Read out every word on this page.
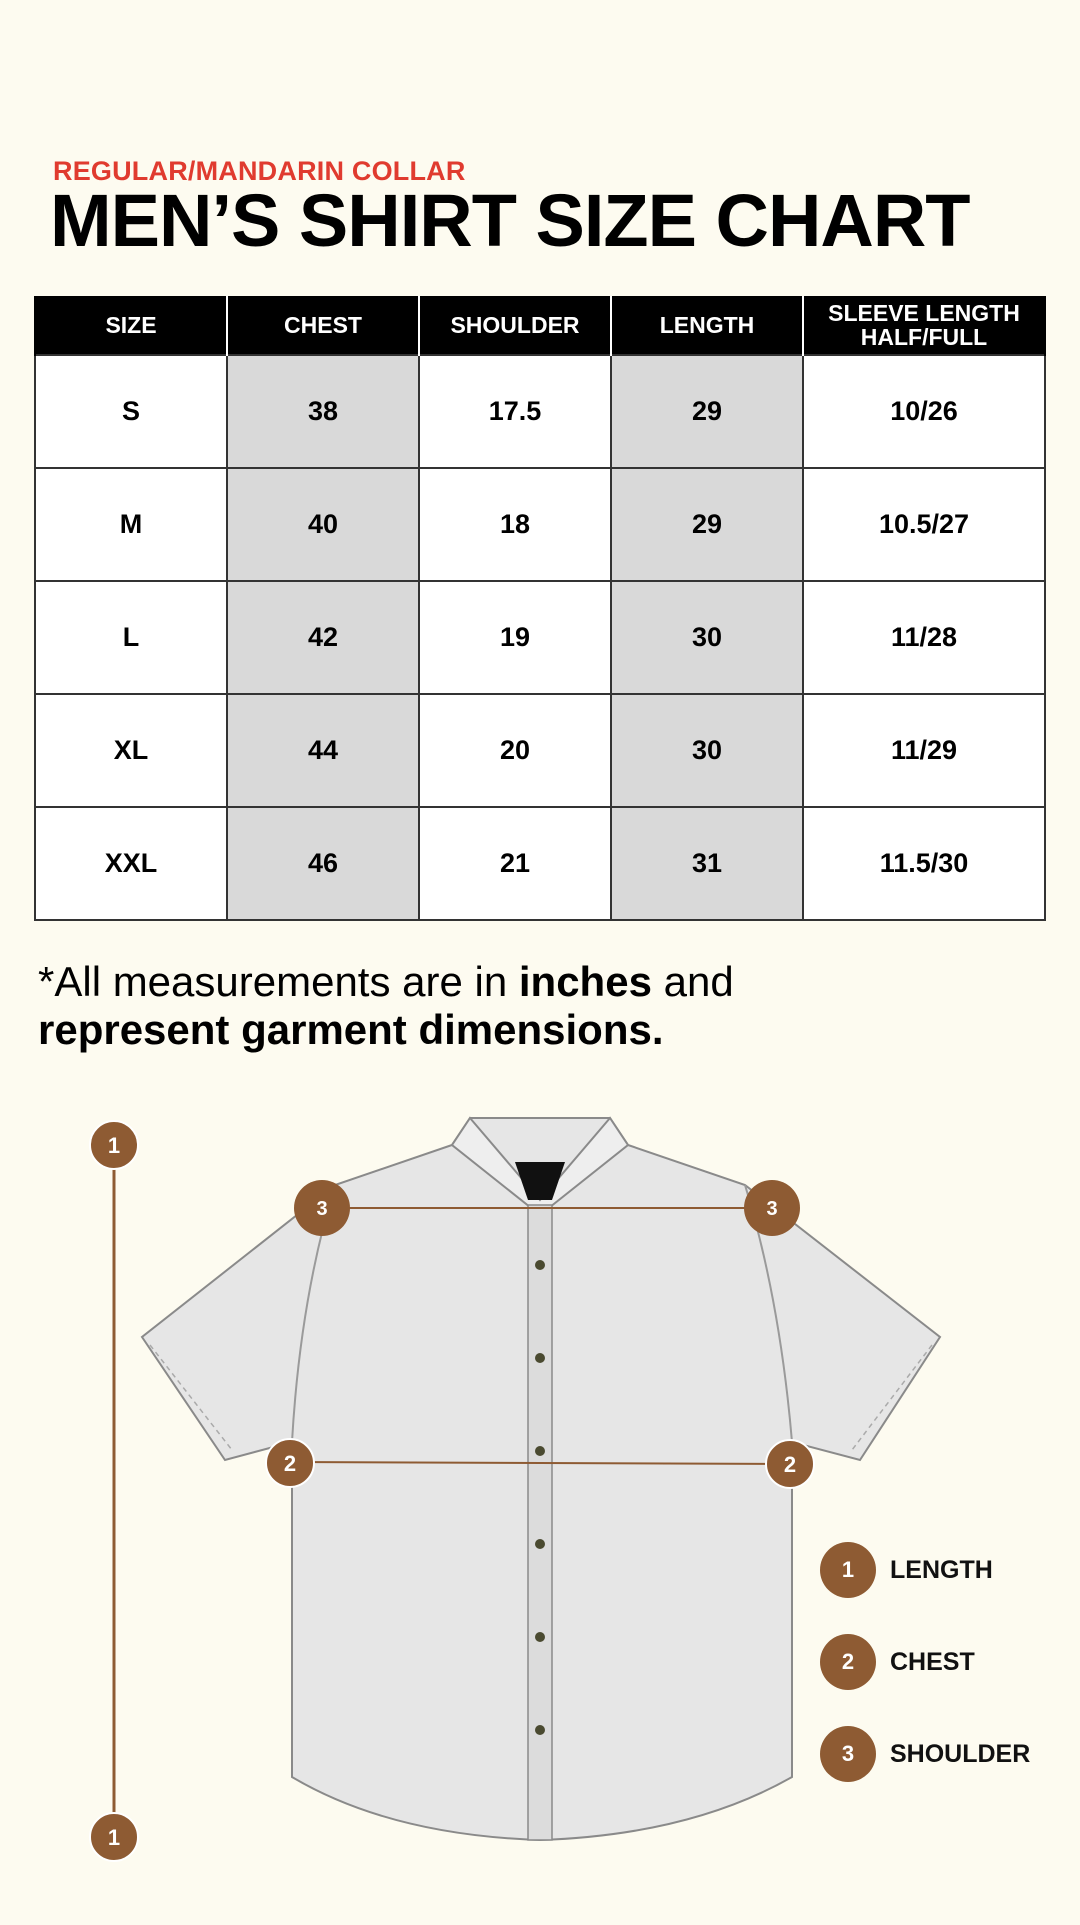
REGULAR/MANDARIN COLLAR
MEN’S SHIRT SIZE CHART
SIZE	CHEST	SHOULDER	LENGTH	SLEEVE LENGTH
HALF/FULL
S	38	17.5	29	10/26
M	40	18	29	10.5/27
L	42	19	30	11/28
XL	44	20	30	11/29
XXL	46	21	31	11.5/30
*All measurements are in inches and
represent garment dimensions.
1
1
3	3
2	2
1	LENGTH
2	CHEST
3	SHOULDER
